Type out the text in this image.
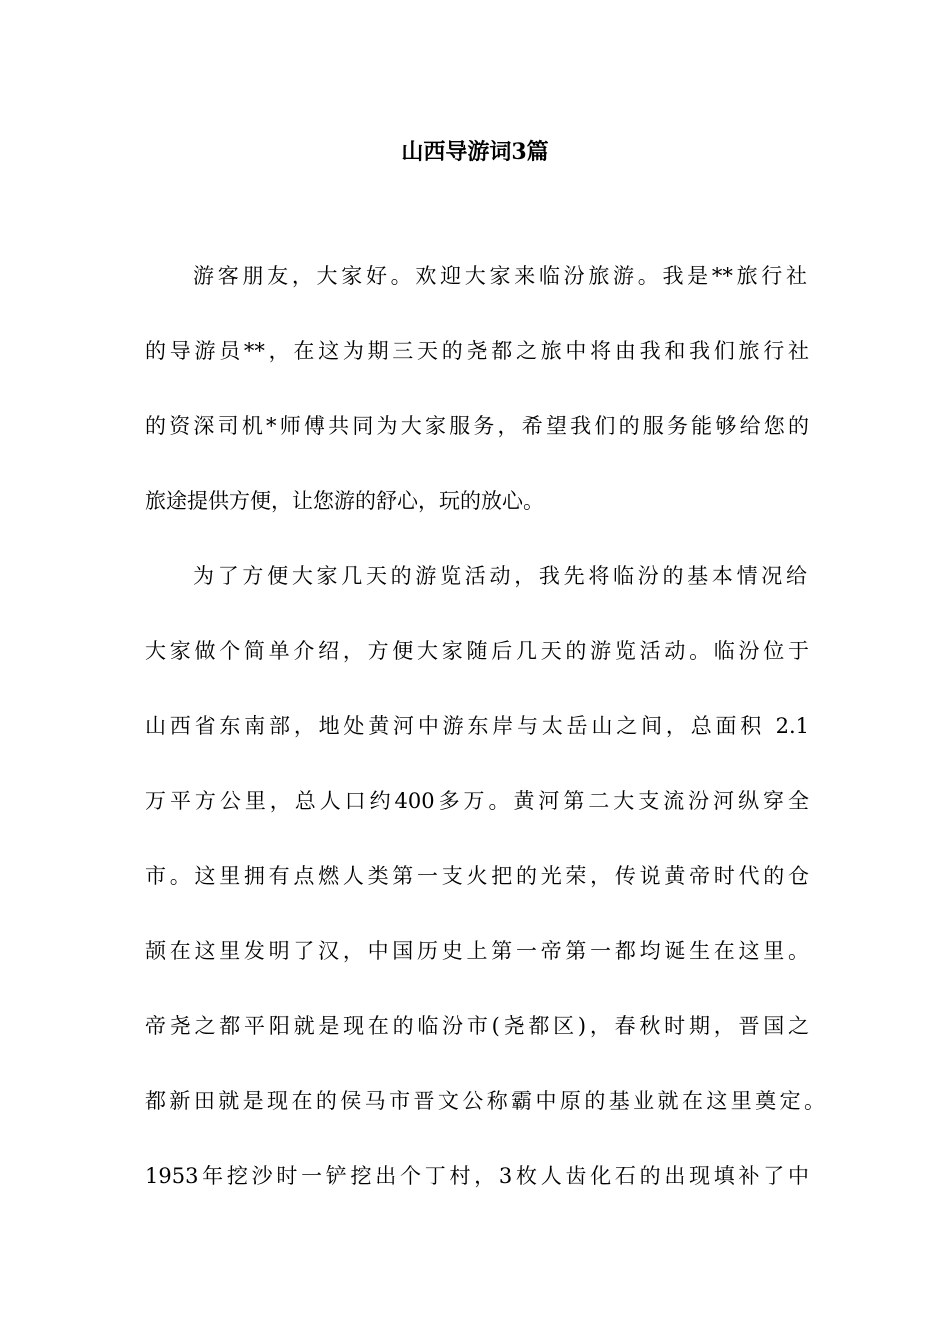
山西导游词3篇
游客朋友，大家好。欢迎大家来临汾旅游。我是**旅行社
的导游员**，在这为期三天的尧都之旅中将由我和我们旅行社
的资深司机*师傅共同为大家服务，希望我们的服务能够给您的
旅途提供方便，让您游的舒心，玩的放心。
为了方便大家几天的游览活动，我先将临汾的基本情况给
大家做个简单介绍，方便大家随后几天的游览活动。临汾位于
山西省东南部，地处黄河中游东岸与太岳山之间，总面积 2.1
万平方公里，总人口约400多万。黄河第二大支流汾河纵穿全
市。这里拥有点燃人类第一支火把的光荣，传说黄帝时代的仓
颉在这里发明了汉，中国历史上第一帝第一都均诞生在这里。
帝尧之都平阳就是现在的临汾市(尧都区)，春秋时期，晋国之
都新田就是现在的侯马市晋文公称霸中原的基业就在这里奠定。
1953年挖沙时一铲挖出个丁村，3枚人齿化石的出现填补了中
